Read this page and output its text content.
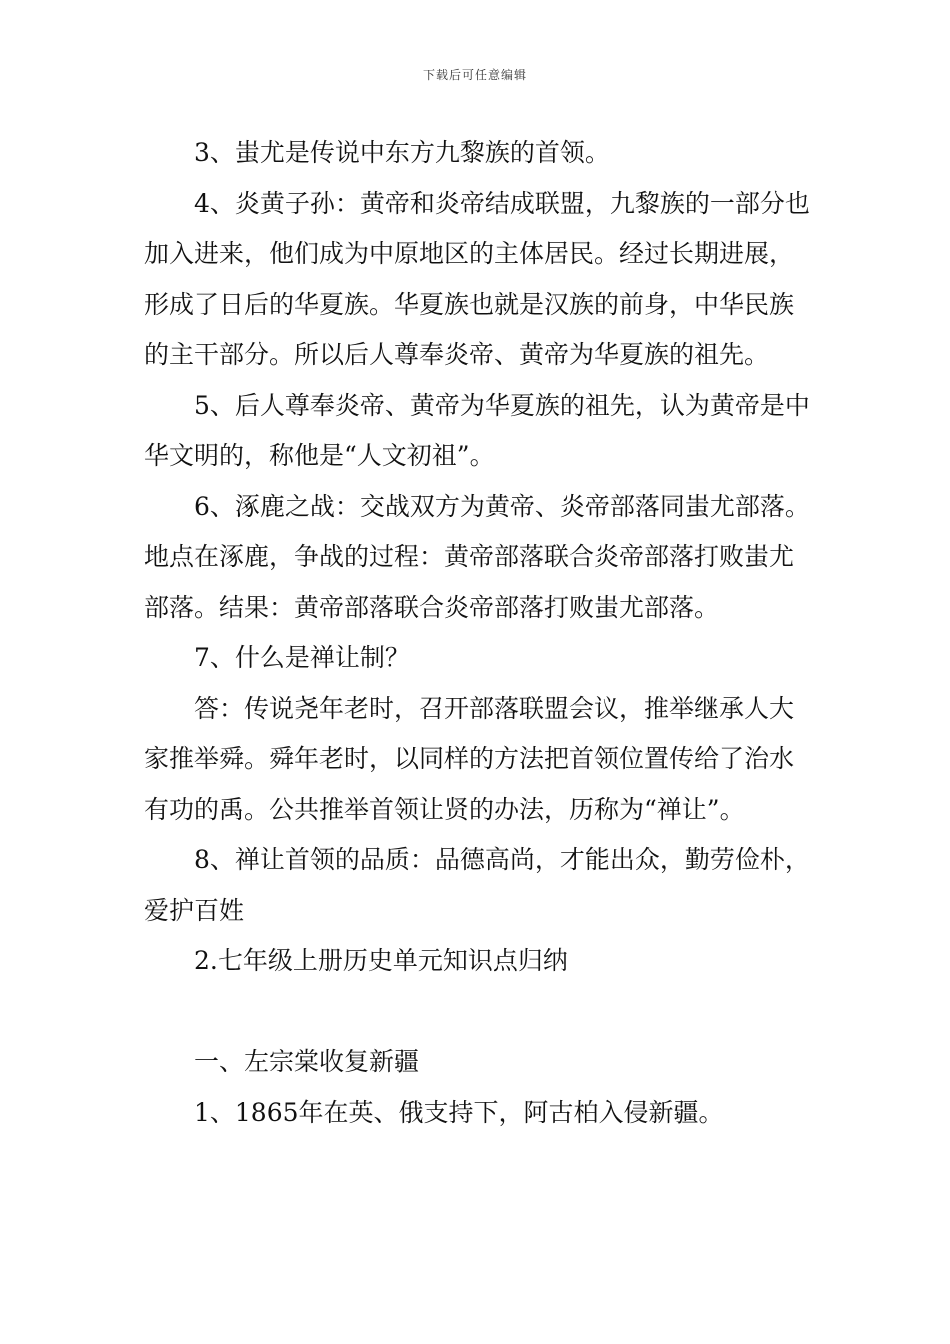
下载后可任意编辑

3、蚩尤是传说中东方九黎族的首领。

4、炎黄子孙：黄帝和炎帝结成联盟，九黎族的一部分也加入进来，他们成为中原地区的主体居民。经过长期进展，形成了日后的华夏族。华夏族也就是汉族的前身，中华民族的主干部分。所以后人尊奉炎帝、黄帝为华夏族的祖先。

5、后人尊奉炎帝、黄帝为华夏族的祖先，认为黄帝是中华文明的，称他是“人文初祖”。

6、涿鹿之战：交战双方为黄帝、炎帝部落同蚩尤部落。地点在涿鹿，争战的过程：黄帝部落联合炎帝部落打败蚩尤部落。结果：黄帝部落联合炎帝部落打败蚩尤部落。

7、什么是禅让制？

答：传说尧年老时，召开部落联盟会议，推举继承人大家推举舜。舜年老时，以同样的方法把首领位置传给了治水有功的禹。公共推举首领让贤的办法，历称为“禅让”。

8、禅让首领的品质：品德高尚，才能出众，勤劳俭朴，爱护百姓

2.七年级上册历史单元知识点归纳

一、左宗棠收复新疆

1、1865年在英、俄支持下，阿古柏入侵新疆。
